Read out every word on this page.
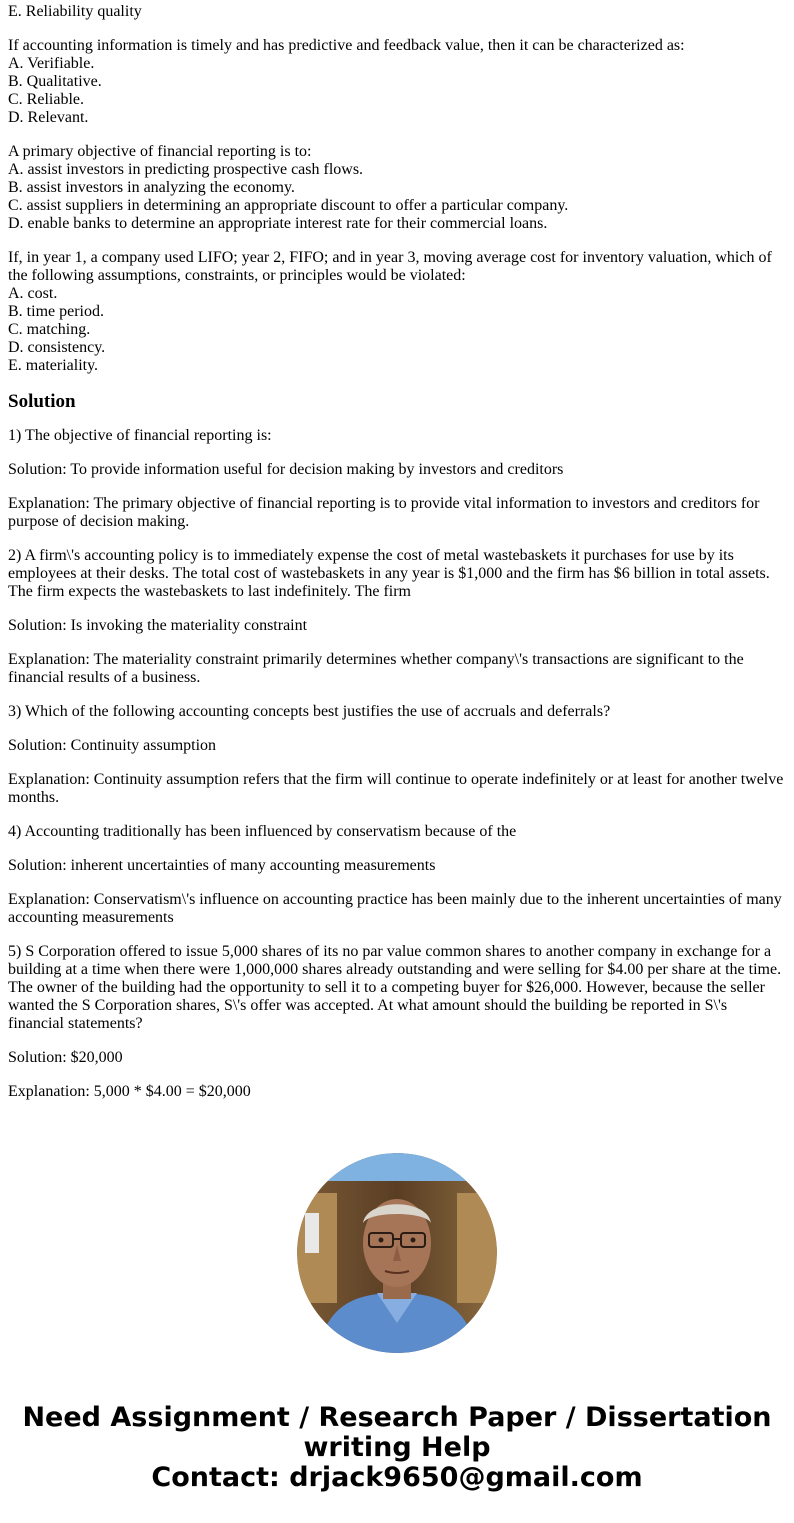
E. Reliability quality
If accounting information is timely and has predictive and feedback value, then it can be characterized as:
A. Verifiable.
B. Qualitative.
C. Reliable.
D. Relevant.
A primary objective of financial reporting is to:
A. assist investors in predicting prospective cash flows.
B. assist investors in analyzing the economy.
C. assist suppliers in determining an appropriate discount to offer a particular company.
D. enable banks to determine an appropriate interest rate for their commercial loans.
If, in year 1, a company used LIFO; year 2, FIFO; and in year 3, moving average cost for inventory valuation, which of the following assumptions, constraints, or principles would be violated:
A. cost.
B. time period.
C. matching.
D. consistency.
E. materiality.
Solution
1) The objective of financial reporting is:
Solution: To provide information useful for decision making by investors and creditors
Explanation: The primary objective of financial reporting is to provide vital information to investors and creditors for purpose of decision making.
2) A firm\'s accounting policy is to immediately expense the cost of metal wastebaskets it purchases for use by its employees at their desks. The total cost of wastebaskets in any year is $1,000 and the firm has $6 billion in total assets. The firm expects the wastebaskets to last indefinitely. The firm
Solution: Is invoking the materiality constraint
Explanation: The materiality constraint primarily determines whether company\'s transactions are significant to the financial results of a business.
3) Which of the following accounting concepts best justifies the use of accruals and deferrals?
Solution: Continuity assumption
Explanation: Continuity assumption refers that the firm will continue to operate indefinitely or at least for another twelve months.
4) Accounting traditionally has been influenced by conservatism because of the
Solution: inherent uncertainties of many accounting measurements
Explanation: Conservatism\'s influence on accounting practice has been mainly due to the inherent uncertainties of many accounting measurements
5) S Corporation offered to issue 5,000 shares of its no par value common shares to another company in exchange for a building at a time when there were 1,000,000 shares already outstanding and were selling for $4.00 per share at the time. The owner of the building had the opportunity to sell it to a competing buyer for $26,000. However, because the seller wanted the S Corporation shares, S\'s offer was accepted. At what amount should the building be reported in S\'s financial statements?
Solution: $20,000
Explanation: 5,000 * $4.00 = $20,000
Need Assignment / Research Paper / Dissertation
writing Help
Contact: drjack9650@gmail.com
